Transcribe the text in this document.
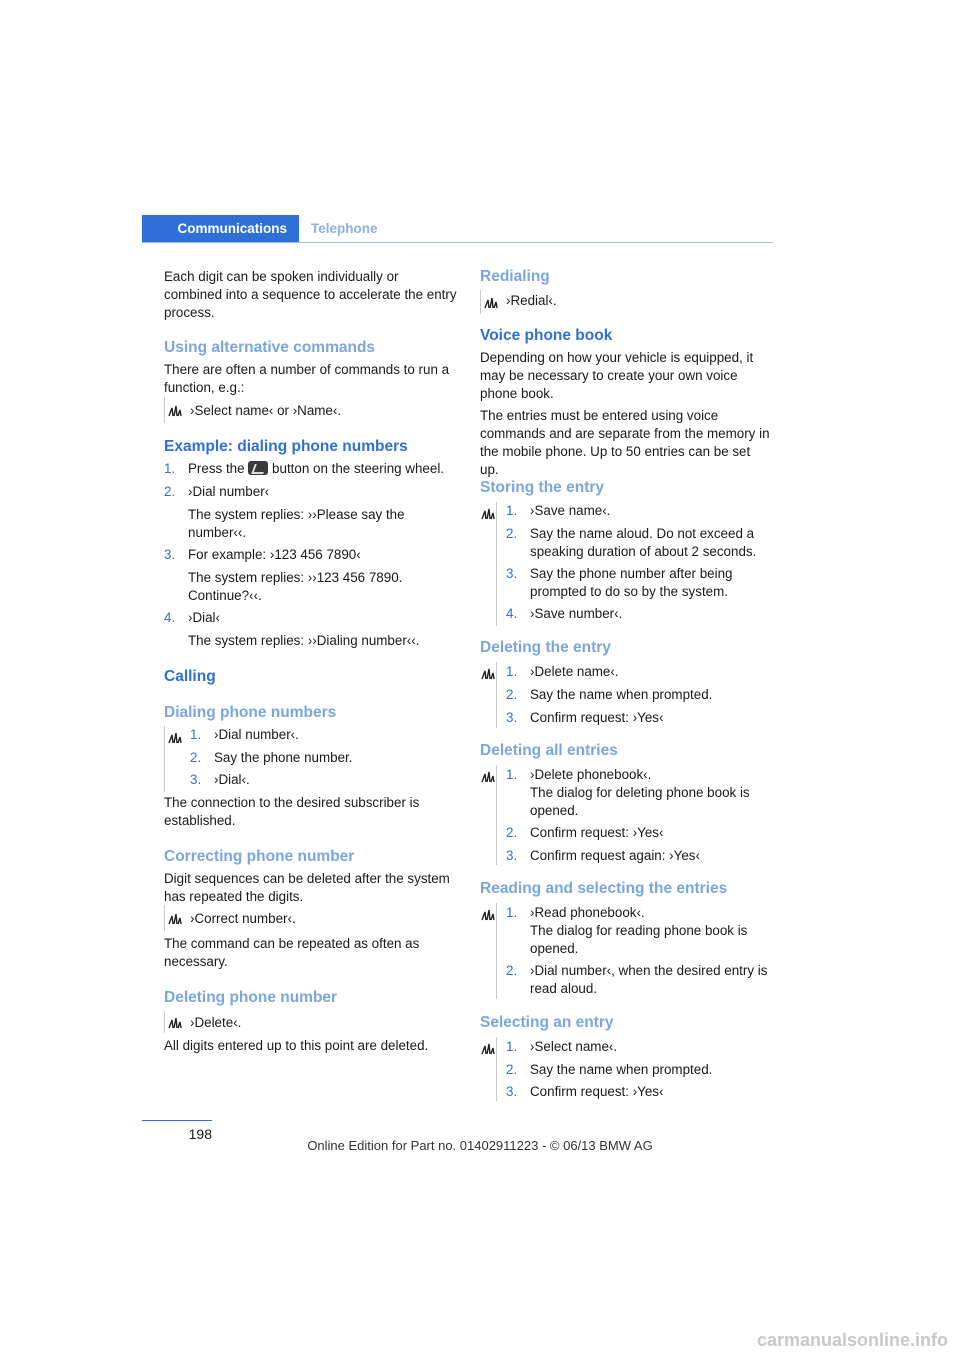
Communications	Telephone

Each digit can be spoken individually or combined into a sequence to accelerate the entry process.

Using alternative commands

There are often a number of commands to run a function, e.g.:

›Select name‹ or ›Name‹.

Example: dialing phone numbers
1. Press the button on the steering wheel.
2. ›Dial number‹

The system replies: ››Please say the number‹‹.

3. For example: ›123 456 7890‹

The system replies: ››123 456 7890. Continue?‹‹.

4. ›Dial‹

The system replies: ››Dialing number‹‹.

Calling
Dialing phone numbers
1. ›Dial number‹.
2. Say the phone number.
3. ›Dial‹.

The connection to the desired subscriber is established.

Correcting phone number

Digit sequences can be deleted after the system has repeated the digits.

›Correct number‹.

The command can be repeated as often as necessary.

Deleting phone number

›Delete‹.

All digits entered up to this point are deleted.

Redialing

›Redial‹.

Voice phone book

Depending on how your vehicle is equipped, it may be necessary to create your own voice phone book.

The entries must be entered using voice commands and are separate from the memory in the mobile phone. Up to 50 entries can be set up.

Storing the entry
1. ›Save name‹.
2. Say the name aloud. Do not exceed a speaking duration of about 2 seconds.
3. Say the phone number after being prompted to do so by the system.
4. ›Save number‹.
Deleting the entry
1. ›Delete name‹.
2. Say the name when prompted.
3. Confirm request: ›Yes‹
Deleting all entries
1. ›Delete phonebook‹.

The dialog for deleting phone book is opened.

2. Confirm request: ›Yes‹
3. Confirm request again: ›Yes‹
Reading and selecting the entries
1. ›Read phonebook‹.

The dialog for reading phone book is opened.

2. ›Dial number‹, when the desired entry is read aloud.
Selecting an entry
1. ›Select name‹.
2. Say the name when prompted.
3. Confirm request: ›Yes‹
198
Online Edition for Part no. 01402911223 - © 06/13 BMW AG
carmanualsonline.info
